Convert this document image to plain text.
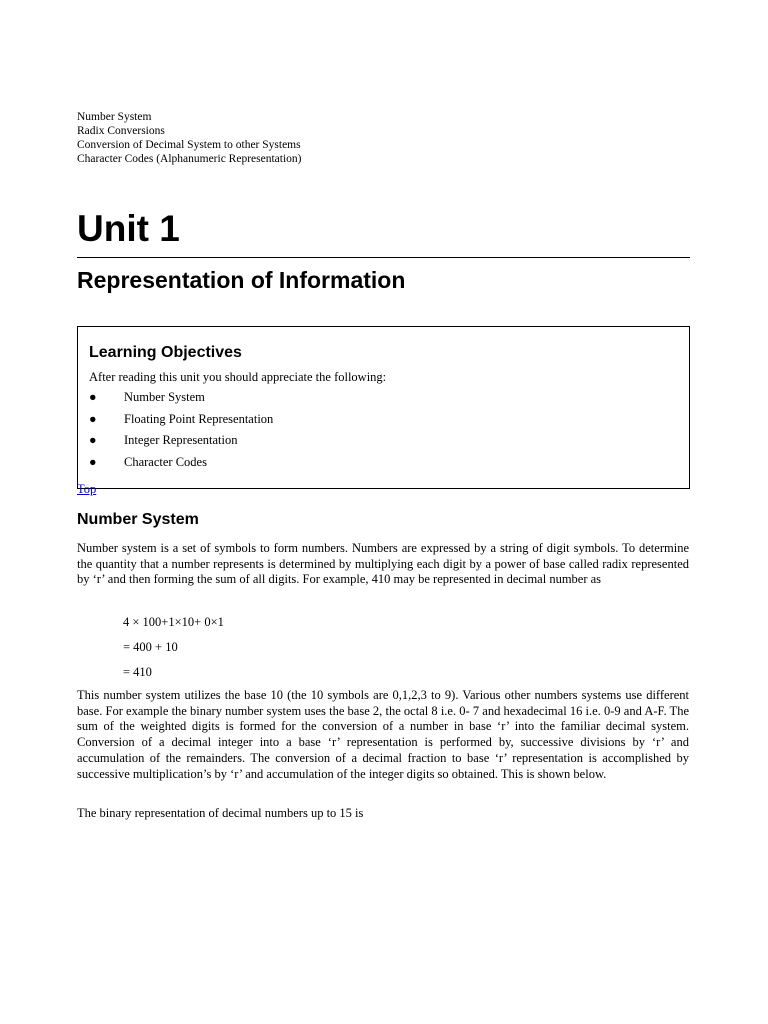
Number System
Radix Conversions
Conversion of Decimal System to other Systems
Character Codes (Alphanumeric Representation)
Unit 1
Representation of Information
Learning Objectives
After reading this unit you should appreciate the following:
● Number System
● Floating Point Representation
● Integer Representation
● Character Codes
Top
Number System

Number system is a set of symbols to form numbers. Numbers are expressed by a string of digit symbols. To determine the quantity that a number represents is determined by multiplying each digit by a power of base called radix represented by ‘r’ and then forming the sum of all digits. For example, 410 may be represented in decimal number as

4 × 100+1×10+ 0×1
= 400 + 10
= 410

This number system utilizes the base 10 (the 10 symbols are 0,1,2,3 to 9). Various other numbers systems use different base. For example the binary number system uses the base 2, the octal 8 i.e. 0- 7 and hexadecimal 16 i.e. 0-9 and A-F. The sum of the weighted digits is formed for the conversion of a number in base ‘r’ into the familiar decimal system. Conversion of a decimal integer into a base ‘r’ representation is performed by, successive divisions by ‘r’ and accumulation of the remainders. The conversion of a decimal fraction to base ‘r’ representation is accomplished by successive multiplication’s by ‘r’ and accumulation of the integer digits so obtained. This is shown below.

The binary representation of decimal numbers up to 15 is
